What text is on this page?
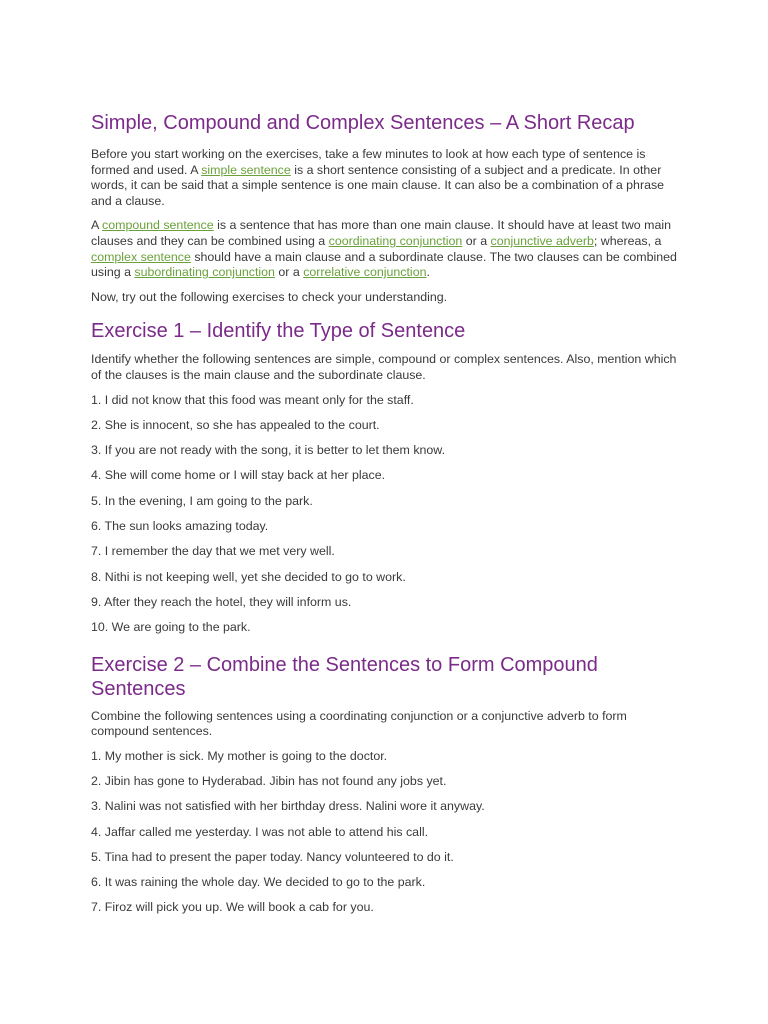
Simple, Compound and Complex Sentences – A Short Recap

Before you start working on the exercises, take a few minutes to look at how each type of sentence is formed and used. A simple sentence is a short sentence consisting of a subject and a predicate. In other words, it can be said that a simple sentence is one main clause. It can also be a combination of a phrase and a clause.

A compound sentence is a sentence that has more than one main clause. It should have at least two main clauses and they can be combined using a coordinating conjunction or a conjunctive adverb; whereas, a complex sentence should have a main clause and a subordinate clause. The two clauses can be combined using a subordinating conjunction or a correlative conjunction.

Now, try out the following exercises to check your understanding.

Exercise 1 – Identify the Type of Sentence

Identify whether the following sentences are simple, compound or complex sentences. Also, mention which of the clauses is the main clause and the subordinate clause.

1. I did not know that this food was meant only for the staff.

2. She is innocent, so she has appealed to the court.

3. If you are not ready with the song, it is better to let them know.

4. She will come home or I will stay back at her place.

5. In the evening, I am going to the park.

6. The sun looks amazing today.

7. I remember the day that we met very well.

8. Nithi is not keeping well, yet she decided to go to work.

9. After they reach the hotel, they will inform us.

10. We are going to the park.

Exercise 2 – Combine the Sentences to Form Compound Sentences

Combine the following sentences using a coordinating conjunction or a conjunctive adverb to form compound sentences.

1. My mother is sick. My mother is going to the doctor.

2. Jibin has gone to Hyderabad. Jibin has not found any jobs yet.

3. Nalini was not satisfied with her birthday dress. Nalini wore it anyway.

4. Jaffar called me yesterday. I was not able to attend his call.

5. Tina had to present the paper today. Nancy volunteered to do it.

6. It was raining the whole day. We decided to go to the park.

7. Firoz will pick you up. We will book a cab for you.
